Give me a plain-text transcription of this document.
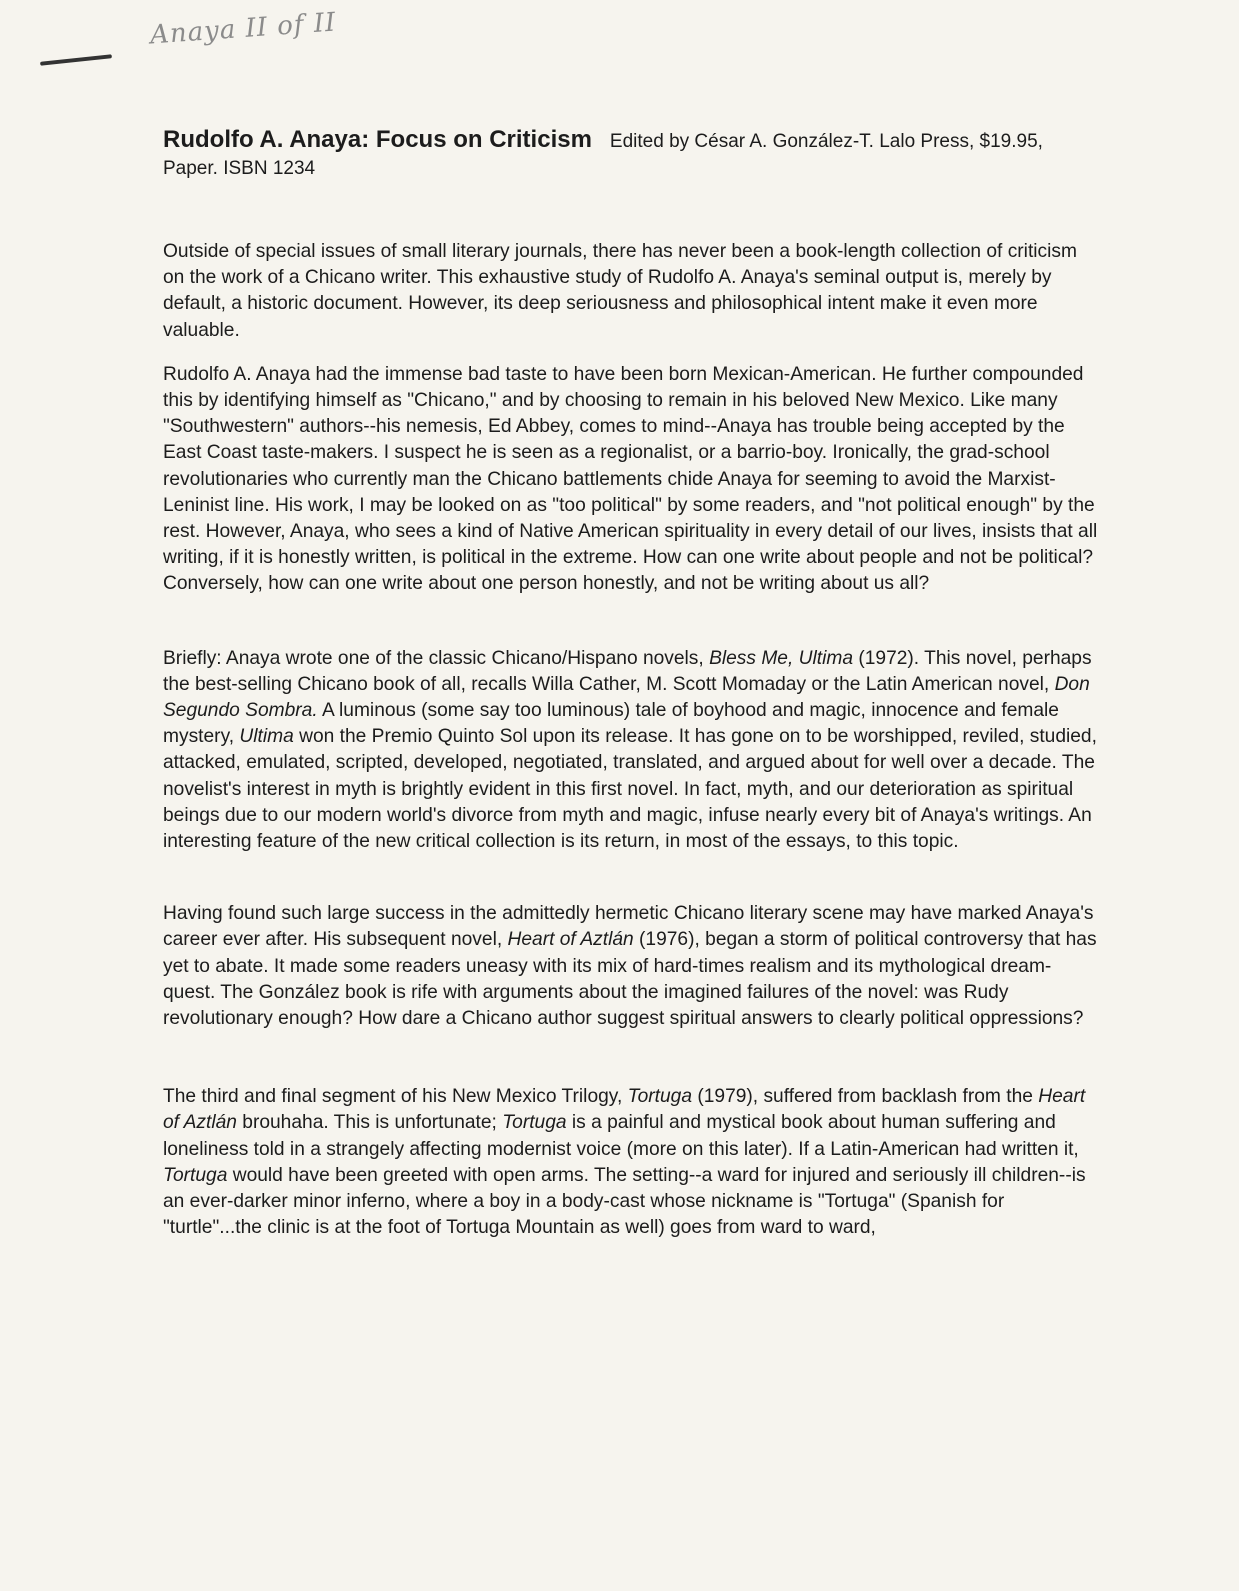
Anaya II of II
Rudolfo A. Anaya: Focus on Criticism Edited by César A. González-T. Lalo Press, $19.95, Paper. ISBN 1234

Outside of special issues of small literary journals, there has never been a book-length collection of criticism on the work of a Chicano writer. This exhaustive study of Rudolfo A. Anaya's seminal output is, merely by default, a historic document. However, its deep seriousness and philosophical intent make it even more valuable.

Rudolfo A. Anaya had the immense bad taste to have been born Mexican-American. He further compounded this by identifying himself as "Chicano," and by choosing to remain in his beloved New Mexico. Like many "Southwestern" authors--his nemesis, Ed Abbey, comes to mind--Anaya has trouble being accepted by the East Coast taste-makers. I suspect he is seen as a regionalist, or a barrio-boy. Ironically, the grad-school revolutionaries who currently man the Chicano battlements chide Anaya for seeming to avoid the Marxist-Leninist line. His work, I may be looked on as "too political" by some readers, and "not political enough" by the rest. However, Anaya, who sees a kind of Native American spirituality in every detail of our lives, insists that all writing, if it is honestly written, is political in the extreme. How can one write about people and not be political? Conversely, how can one write about one person honestly, and not be writing about us all?

Briefly: Anaya wrote one of the classic Chicano/Hispano novels, Bless Me, Ultima (1972). This novel, perhaps the best-selling Chicano book of all, recalls Willa Cather, M. Scott Momaday or the Latin American novel, Don Segundo Sombra. A luminous (some say too luminous) tale of boyhood and magic, innocence and female mystery, Ultima won the Premio Quinto Sol upon its release. It has gone on to be worshipped, reviled, studied, attacked, emulated, scripted, developed, negotiated, translated, and argued about for well over a decade. The novelist's interest in myth is brightly evident in this first novel. In fact, myth, and our deterioration as spiritual beings due to our modern world's divorce from myth and magic, infuse nearly every bit of Anaya's writings. An interesting feature of the new critical collection is its return, in most of the essays, to this topic.

Having found such large success in the admittedly hermetic Chicano literary scene may have marked Anaya's career ever after. His subsequent novel, Heart of Aztlán (1976), began a storm of political controversy that has yet to abate. It made some readers uneasy with its mix of hard-times realism and its mythological dream-quest. The González book is rife with arguments about the imagined failures of the novel: was Rudy revolutionary enough? How dare a Chicano author suggest spiritual answers to clearly political oppressions?

The third and final segment of his New Mexico Trilogy, Tortuga (1979), suffered from backlash from the Heart of Aztlán brouhaha. This is unfortunate; Tortuga is a painful and mystical book about human suffering and loneliness told in a strangely affecting modernist voice (more on this later). If a Latin-American had written it, Tortuga would have been greeted with open arms. The setting--a ward for injured and seriously ill children--is an ever-darker minor inferno, where a boy in a body-cast whose nickname is "Tortuga" (Spanish for "turtle"...the clinic is at the foot of Tortuga Mountain as well) goes from ward to ward,
